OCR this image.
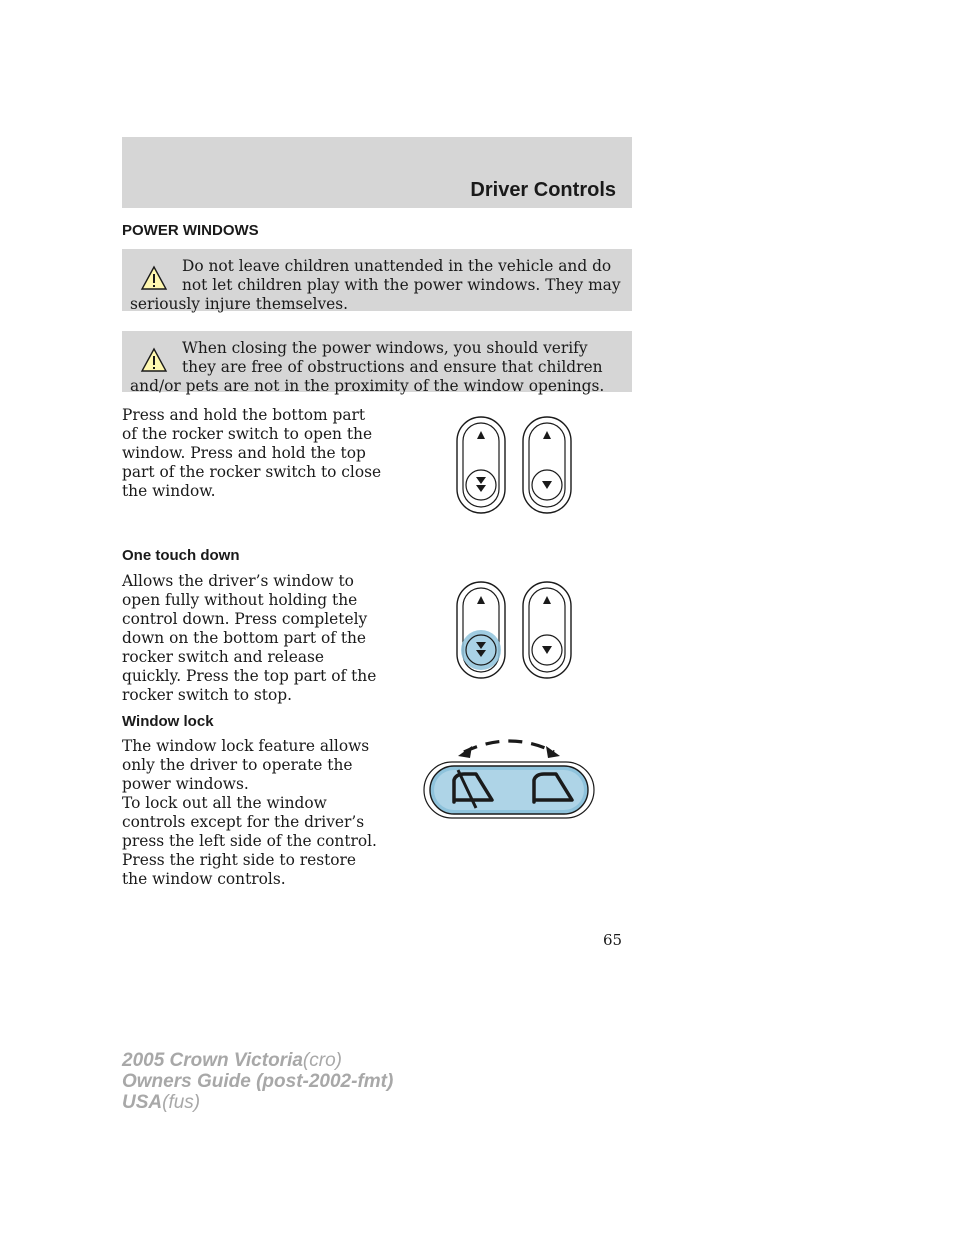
Driver Controls
POWER WINDOWS
Do not leave children unattended in the vehicle and do not let children play with the power windows. They may seriously injure themselves.
When closing the power windows, you should verify they are free of obstructions and ensure that children and/or pets are not in the proximity of the window openings.

Press and hold the bottom part of the rocker switch to open the window. Press and hold the top part of the rocker switch to close the window.

One touch down

Allows the driver’s window to open fully without holding the control down. Press completely down on the bottom part of the rocker switch and release quickly. Press the top part of the rocker switch to stop.

Window lock

The window lock feature allows only the driver to operate the power windows.

To lock out all the window controls except for the driver’s press the left side of the control. Press the right side to restore the window controls.

65
2005 Crown Victoria(cro)
Owners Guide (post-2002-fmt)
USA(fus)
